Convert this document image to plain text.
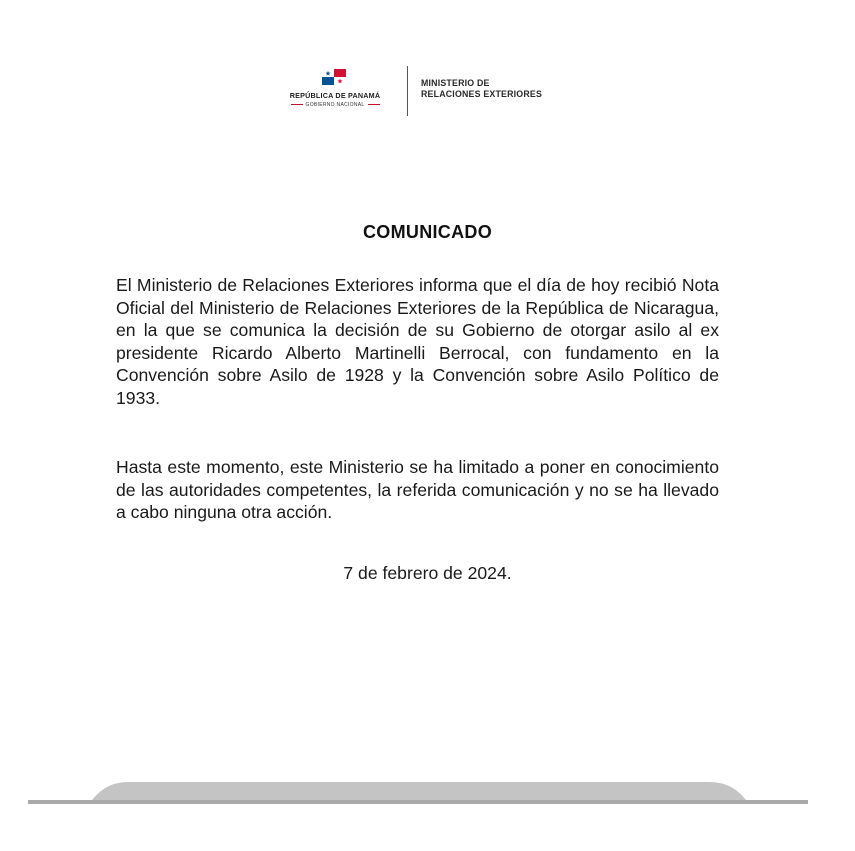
REPÚBLICA DE PANAMÁ
GOBIERNO NACIONAL
MINISTERIO DE
RELACIONES EXTERIORES
COMUNICADO
El Ministerio de Relaciones Exteriores informa que el día de hoy recibió Nota Oficial del Ministerio de Relaciones Exteriores de la República de Nicaragua, en la que se comunica la decisión de su Gobierno de otorgar asilo al ex presidente Ricardo Alberto Martinelli Berrocal, con fundamento en la Convención sobre Asilo de 1928 y la Convención sobre Asilo Político de 1933.
Hasta este momento, este Ministerio se ha limitado a poner en conocimiento de las autoridades competentes, la referida comunicación y no se ha llevado a cabo ninguna otra acción.
7 de febrero de 2024.
